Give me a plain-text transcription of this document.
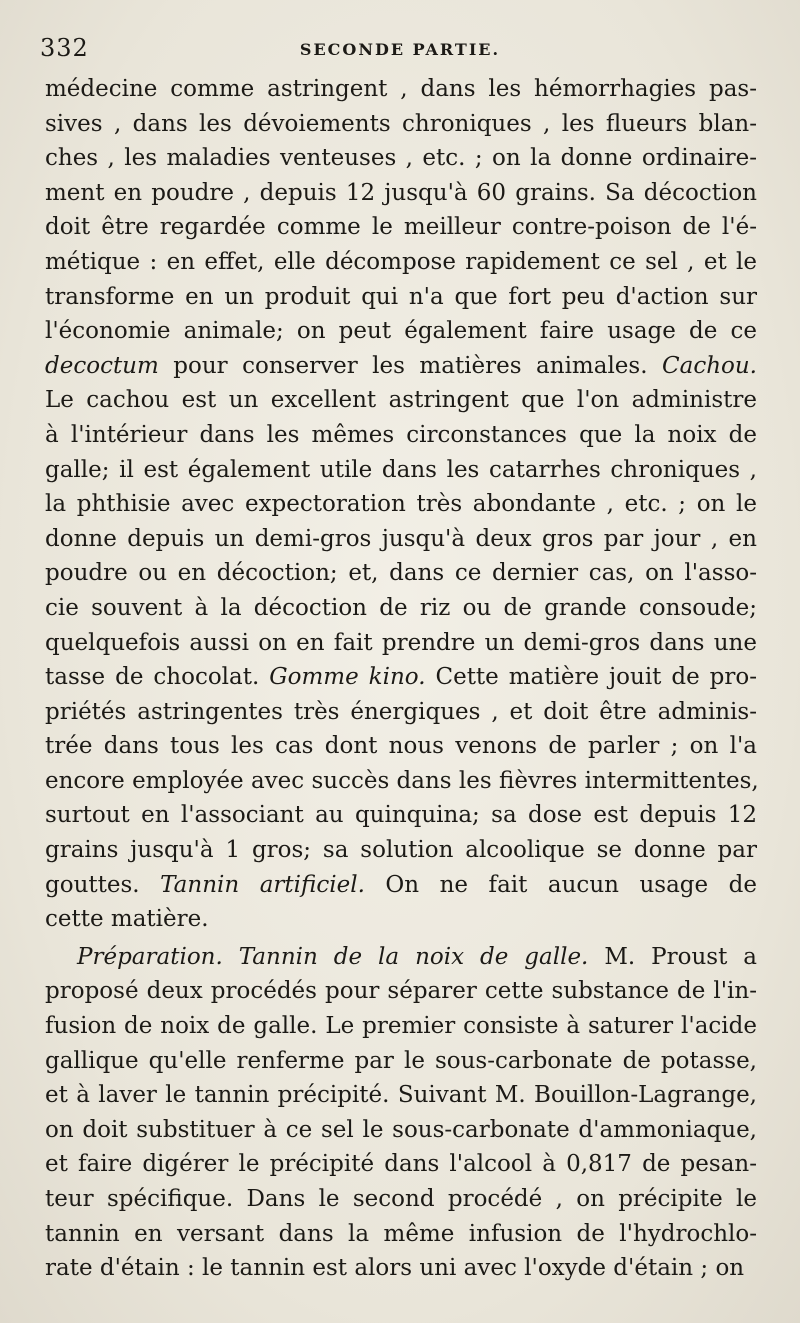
332	SECONDE PARTIE.
médecine comme astringent , dans les hémorrhagies pas-
sives , dans les dévoiements chroniques , les flueurs blan-
ches , les maladies venteuses , etc. ; on la donne ordinaire-
ment en poudre , depuis 12 jusqu'à 60 grains. Sa décoction
doit être regardée comme le meilleur contre-poison de l'é-
métique : en effet, elle décompose rapidement ce sel , et le
transforme en un produit qui n'a que fort peu d'action sur
l'économie animale; on peut également faire usage de ce
decoctum pour conserver les matières animales. Cachou.
Le cachou est un excellent astringent que l'on administre
à l'intérieur dans les mêmes circonstances que la noix de
galle; il est également utile dans les catarrhes chroniques ,
la phthisie avec expectoration très abondante , etc. ; on le
donne depuis un demi-gros jusqu'à deux gros par jour , en
poudre ou en décoction; et, dans ce dernier cas, on l'asso-
cie souvent à la décoction de riz ou de grande consoude;
quelquefois aussi on en fait prendre un demi-gros dans une
tasse de chocolat. Gomme kino. Cette matière jouit de pro-
priétés astringentes très énergiques , et doit être adminis-
trée dans tous les cas dont nous venons de parler ; on l'a
encore employée avec succès dans les fièvres intermittentes,
surtout en l'associant au quinquina; sa dose est depuis 12
grains jusqu'à 1 gros; sa solution alcoolique se donne par
gouttes. Tannin artificiel. On ne fait aucun usage de
cette matière.
Préparation. Tannin de la noix de galle. M. Proust a
proposé deux procédés pour séparer cette substance de l'in-
fusion de noix de galle. Le premier consiste à saturer l'acide
gallique qu'elle renferme par le sous-carbonate de potasse,
et à laver le tannin précipité. Suivant M. Bouillon-Lagrange,
on doit substituer à ce sel le sous-carbonate d'ammoniaque,
et faire digérer le précipité dans l'alcool à 0,817 de pesan-
teur spécifique. Dans le second procédé , on précipite le
tannin en versant dans la même infusion de l'hydrochlo-
rate d'étain : le tannin est alors uni avec l'oxyde d'étain ; on
